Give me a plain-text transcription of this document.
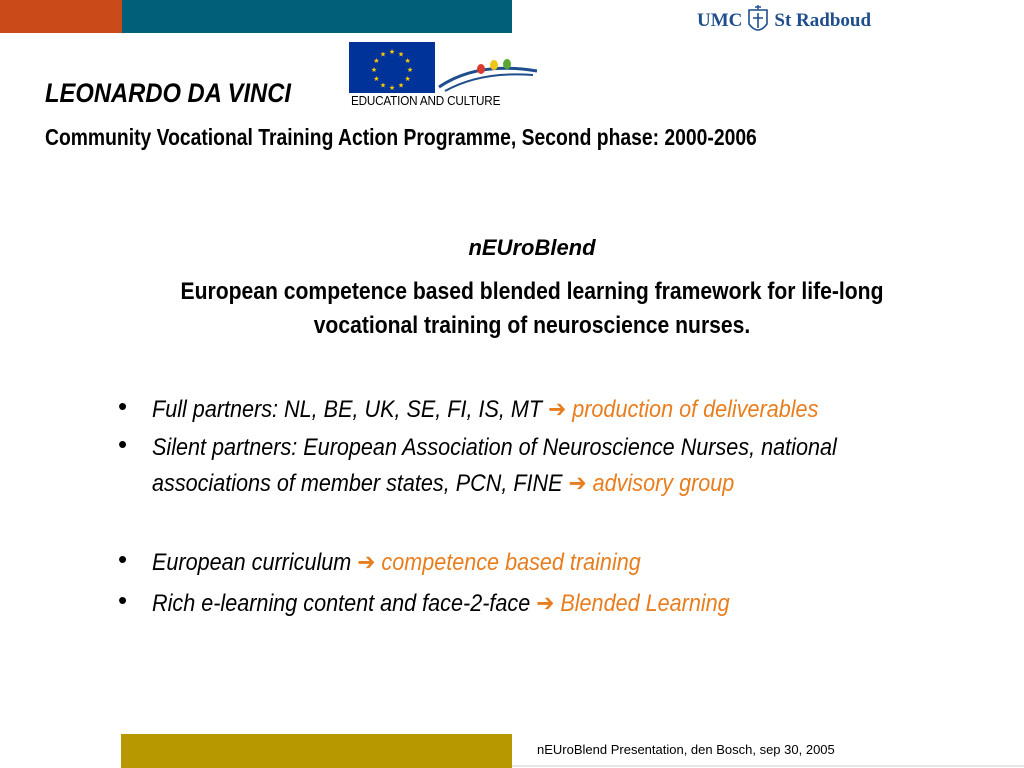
UMC St Radboud
★
★
★
★
★
★
★
★
★ ★ ★
★
EDUCATION AND CULTURE
LEONARDO DA VINCI
Community Vocational Training Action Programme, Second phase: 2000-2006
nEUroBlend
European competence based blended learning framework for life-long vocational training of neuroscience nurses.
• Full partners: NL, BE, UK, SE, FI, IS, MT ➔ production of deliverables
• Silent partners: European Association of Neuroscience Nurses, national associations of member states, PCN, FINE ➔ advisory group
• European curriculum ➔ competence based training
• Rich e-learning content and face-2-face ➔ Blended Learning
nEUroBlend Presentation, den Bosch, sep 30, 2005
